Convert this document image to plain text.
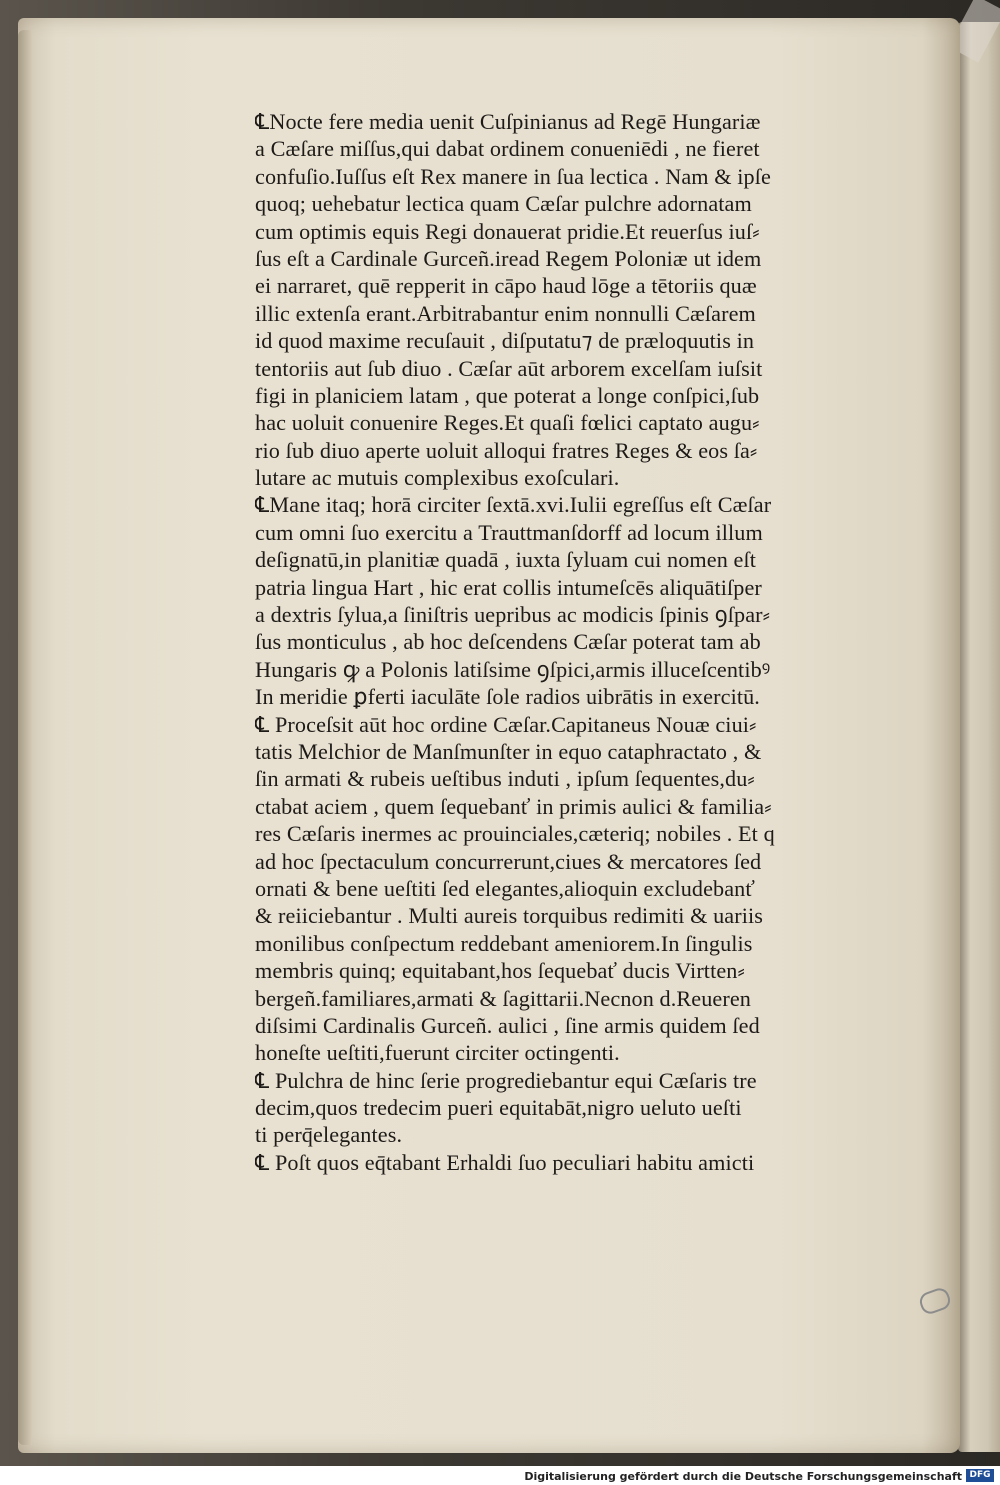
℄Nocte fere media uenit Cuſpinianus ad Regē Hungariæ
a Cæſare miſſus,qui dabat ordinem conueniēdi , ne fieret
confuſio.Iuſſus eſt Rex manere in ſua lectica . Nam & ipſe
quoq; uehebatur lectica quam Cæſar pulchre adornatam
cum optimis equis Regi donauerat pridie.Et reuerſus iuſ⸗
ſus eſt a Cardinale Gurceñ.iread Regem Poloniæ ut idem
ei narraret, quē repperit in cāpo haud lōge a tētoriis quæ
illic extenſa erant.Arbitrabantur enim nonnulli Cæſarem
id quod maxime recuſauit , diſputatu⁊ de præloquutis in
tentoriis aut ſub diuo . Cæſar aūt arborem excelſam iuſsit
figi in planiciem latam , que poterat a longe conſpici,ſub
hac uoluit conuenire Reges.Et quaſi fœlici captato augu⸗
rio ſub diuo aperte uoluit alloqui fratres Reges & eos ſa⸗
lutare ac mutuis complexibus exoſculari.
℄Mane itaq; horā circiter ſextā.xvi.Iulii egreſſus eſt Cæſar
cum omni ſuo exercitu a Trauttmanſdorff ad locum illum
deſignatū,in planitiæ quadā , iuxta ſyluam cui nomen eſt
patria lingua Hart , hic erat collis intumeſcēs aliquātiſper
a dextris ſylua,a ſiniſtris uepribus ac modicis ſpinis ꝯſpar⸗
ſus monticulus , ab hoc deſcendens Cæſar poterat tam ab
Hungaris ꝙ a Polonis latiſsime ꝯſpici,armis illuceſcentibꝰ
In meridie ꝑferti iaculāte ſole radios uibrātis in exercitū.
℄ Proceſsit aūt hoc ordine Cæſar.Capitaneus Nouæ ciui⸗
tatis Melchior de Manſmunſter in equo cataphractato , &
ſin armati & rubeis ueſtibus induti , ipſum ſequentes,du⸗
ctabat aciem , quem ſequebanť in primis aulici & familia⸗
res Cæſaris inermes ac prouinciales,cæteriq; nobiles . Et q
ad hoc ſpectaculum concurrerunt,ciues & mercatores ſed
ornati & bene ueſtiti ſed elegantes,alioquin excludebanť
& reiiciebantur . Multi aureis torquibus redimiti & uariis
monilibus conſpectum reddebant ameniorem.In ſingulis
membris quinq; equitabant,hos ſequebať ducis Virtten⸗
bergeñ.familiares,armati & ſagittarii.Necnon d.Reueren
diſsimi Cardinalis Gurceñ. aulici , ſine armis quidem ſed
honeſte ueſtiti,fuerunt circiter octingenti.
℄ Pulchra de hinc ſerie progrediebantur equi Cæſaris tre
decim,quos tredecim pueri equitabāt,nigro ueluto ueſti
ti perq̄elegantes.
℄ Poſt quos eq̄tabant Erhaldi ſuo peculiari habitu amicti
Digitalisierung gefördert durch die Deutsche Forschungsgemeinschaft DFG
